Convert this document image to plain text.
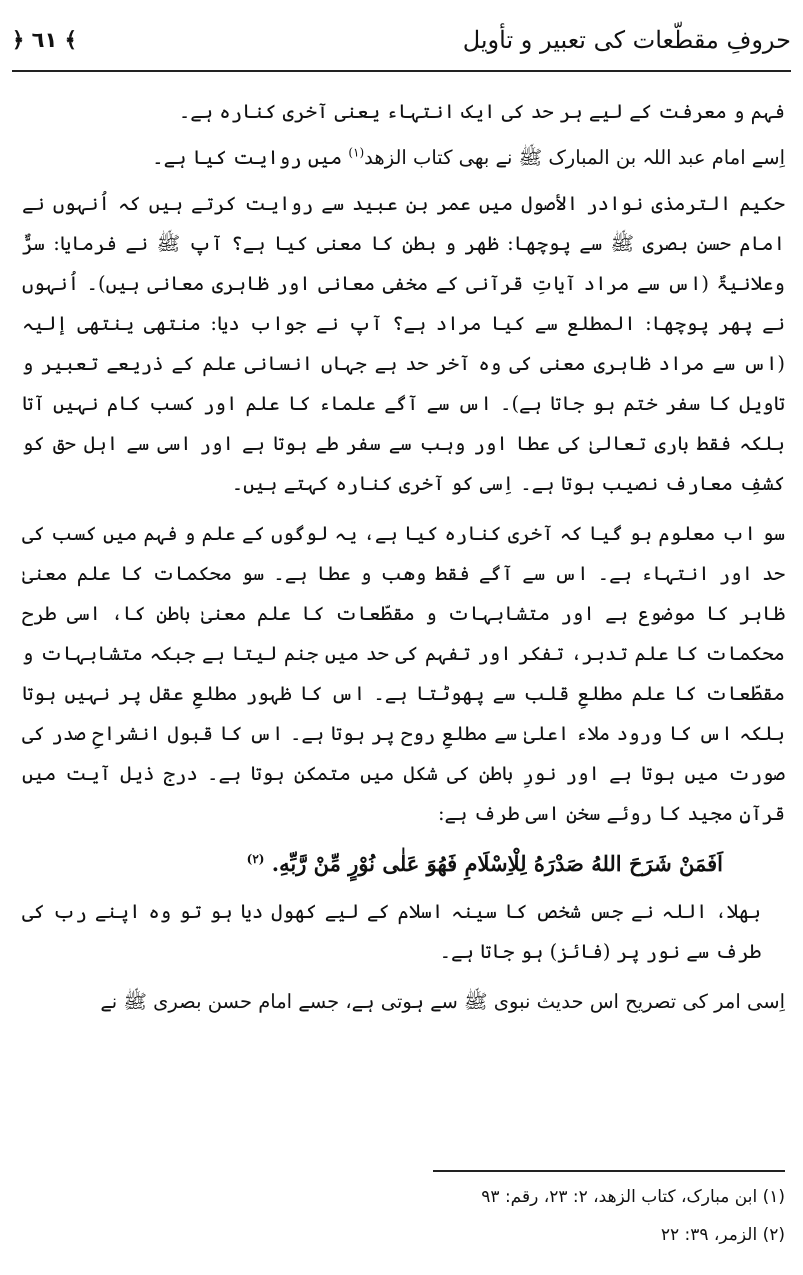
﴿ ٦١ ﴾	حروفِ مقطّعات کی تعبیر و تأویل

فہم و معرفت کے لیے ہر حد کی ایک انتہاء یعنی آخری کنارہ ہے۔

اِسے امام عبد اللہ بن المبارک ﷺ نے بھی کتاب الزھد$^{(۱)}$ میں روایت کیا ہے۔

حکیم الترمذی نوادر الأصول میں عمر بن عبید سے روایت کرتے ہیں کہ اُنہوں نے امام حسن بصری ﷺ سے پوچھا: ظھر و بطن کا معنی کیا ہے؟ آپ ﷺ نے فرمایا: سرٌّ وعلانیۃٌ (اس سے مراد آیاتِ قرآنی کے مخفی معانی اور ظاہری معانی ہیں)۔ اُنہوں نے پھر پوچھا: المطلع سے کیا مراد ہے؟ آپ نے جواب دیا: منتھی ینتھی إلیہ (اس سے مراد ظاہری معنی کی وہ آخر حد ہے جہاں انسانی علم کے ذریعے تعبیر و تاویل کا سفر ختم ہو جاتا ہے)۔ اس سے آگے علماء کا علم اور کسب کام نہیں آتا بلکہ فقط باری تعالیٰ کی عطا اور وہب سے سفر طے ہوتا ہے اور اسی سے اہل حق کو کشفِ معارف نصیب ہوتا ہے۔ اِسی کو آخری کنارہ کہتے ہیں۔

سو اب معلوم ہو گیا کہ آخری کنارہ کیا ہے، یہ لوگوں کے علم و فہم میں کسب کی حد اور انتہاء ہے۔ اس سے آگے فقط وھب و عطا ہے۔ سو محکمات کا علم معنیٰ ظاہر کا موضوع ہے اور متشابہات و مقطّعات کا علم معنیٰ باطن کا، اسی طرح محکمات کا علم تدبر، تفکر اور تفہم کی حد میں جنم لیتا ہے جبکہ متشابہات و مقطّعات کا علم مطلعِ قلب سے پھوٹتا ہے۔ اس کا ظہور مطلعِ عقل پر نہیں ہوتا بلکہ اس کا ورود ملاء اعلیٰ سے مطلعِ روح پر ہوتا ہے۔ اس کا قبول انشراحِ صدر کی صورت میں ہوتا ہے اور نورِ باطن کی شکل میں متمکن ہوتا ہے۔ درج ذیل آیت میں قرآنِ مجید کا روئے سخن اسی طرف ہے:

اَفَمَنْ شَرَحَ اللهُ صَدْرَهُ لِلْاِسْلَامِ فَهُوَ عَلٰى نُوْرٍ مِّنْ رَّبِّهِ. $^{(۲)}$

بھلا، اللہ نے جس شخص کا سینہ اسلام کے لیے کھول دیا ہو تو وہ اپنے رب کی طرف سے نور پر (فائز) ہو جاتا ہے۔

اِسی امر کی تصریح اس حدیث نبوی ﷺ سے ہوتی ہے، جسے امام حسن بصری ﷺ نے

(۱) ابن مبارک، کتاب الزھد، ۲: ۲۳، رقم: ۹۳
(۲) الزمر، ۳۹: ۲۲
